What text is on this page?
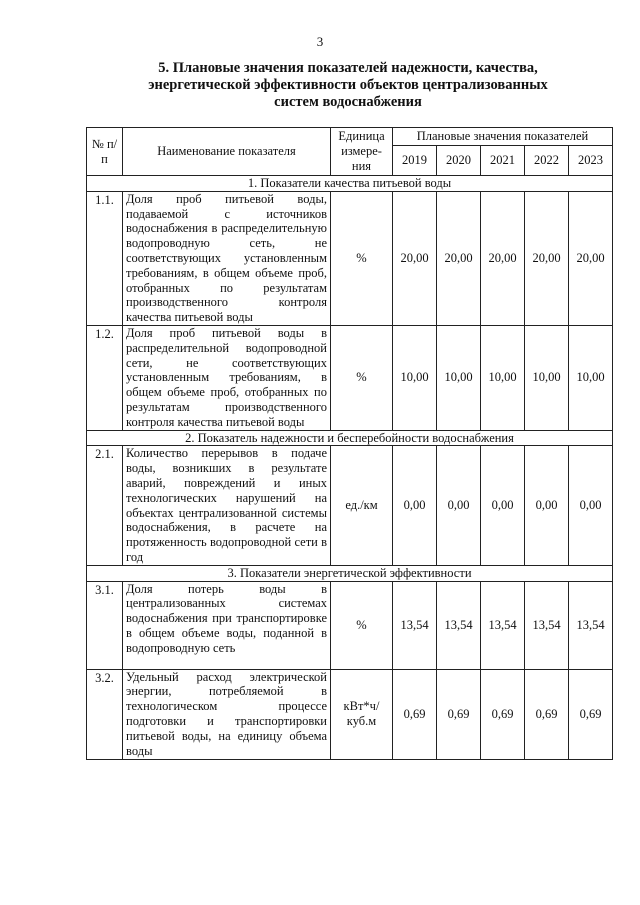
3
5. Плановые значения показателей надежности, качества,
энергетической эффективности объектов централизованных
систем водоснабжения
№ п/п	Наименование показателя	Единица измере-ния	Плановые значения показателей				
			2019	2020	2021	2022	2023
1. Показатели качества питьевой воды							
1.1.	Доля проб питьевой воды, подаваемой с источников водоснабжения в распределительную водопроводную сеть, не соответствующих установленным требованиям, в общем объеме проб, отобранных по результатам производственного контроля качества питьевой воды	%	20,00	20,00	20,00	20,00	20,00
1.2.	Доля проб питьевой воды в распределительной водопроводной сети, не соответствующих установленным требованиям, в общем объеме проб, отобранных по результатам производственного контроля качества питьевой воды	%	10,00	10,00	10,00	10,00	10,00
2. Показатель надежности и бесперебойности водоснабжения							
2.1.	Количество перерывов в подаче воды, возникших в результате аварий, повреждений и иных технологических нарушений на объектах централизованной системы водоснабжения, в расчете на протяженность водопроводной сети в год	ед./км	0,00	0,00	0,00	0,00	0,00
3. Показатели энергетической эффективности							
3.1.	Доля потерь воды в централизованных системах водоснабжения при транспортировке в общем объеме воды, поданной в водопроводную сеть	%	13,54	13,54	13,54	13,54	13,54
3.2.	Удельный расход электрической энергии, потребляемой в технологическом процессе подготовки и транспортировки питьевой воды, на единицу объема воды	кВт*ч/ куб.м	0,69	0,69	0,69	0,69	0,69
